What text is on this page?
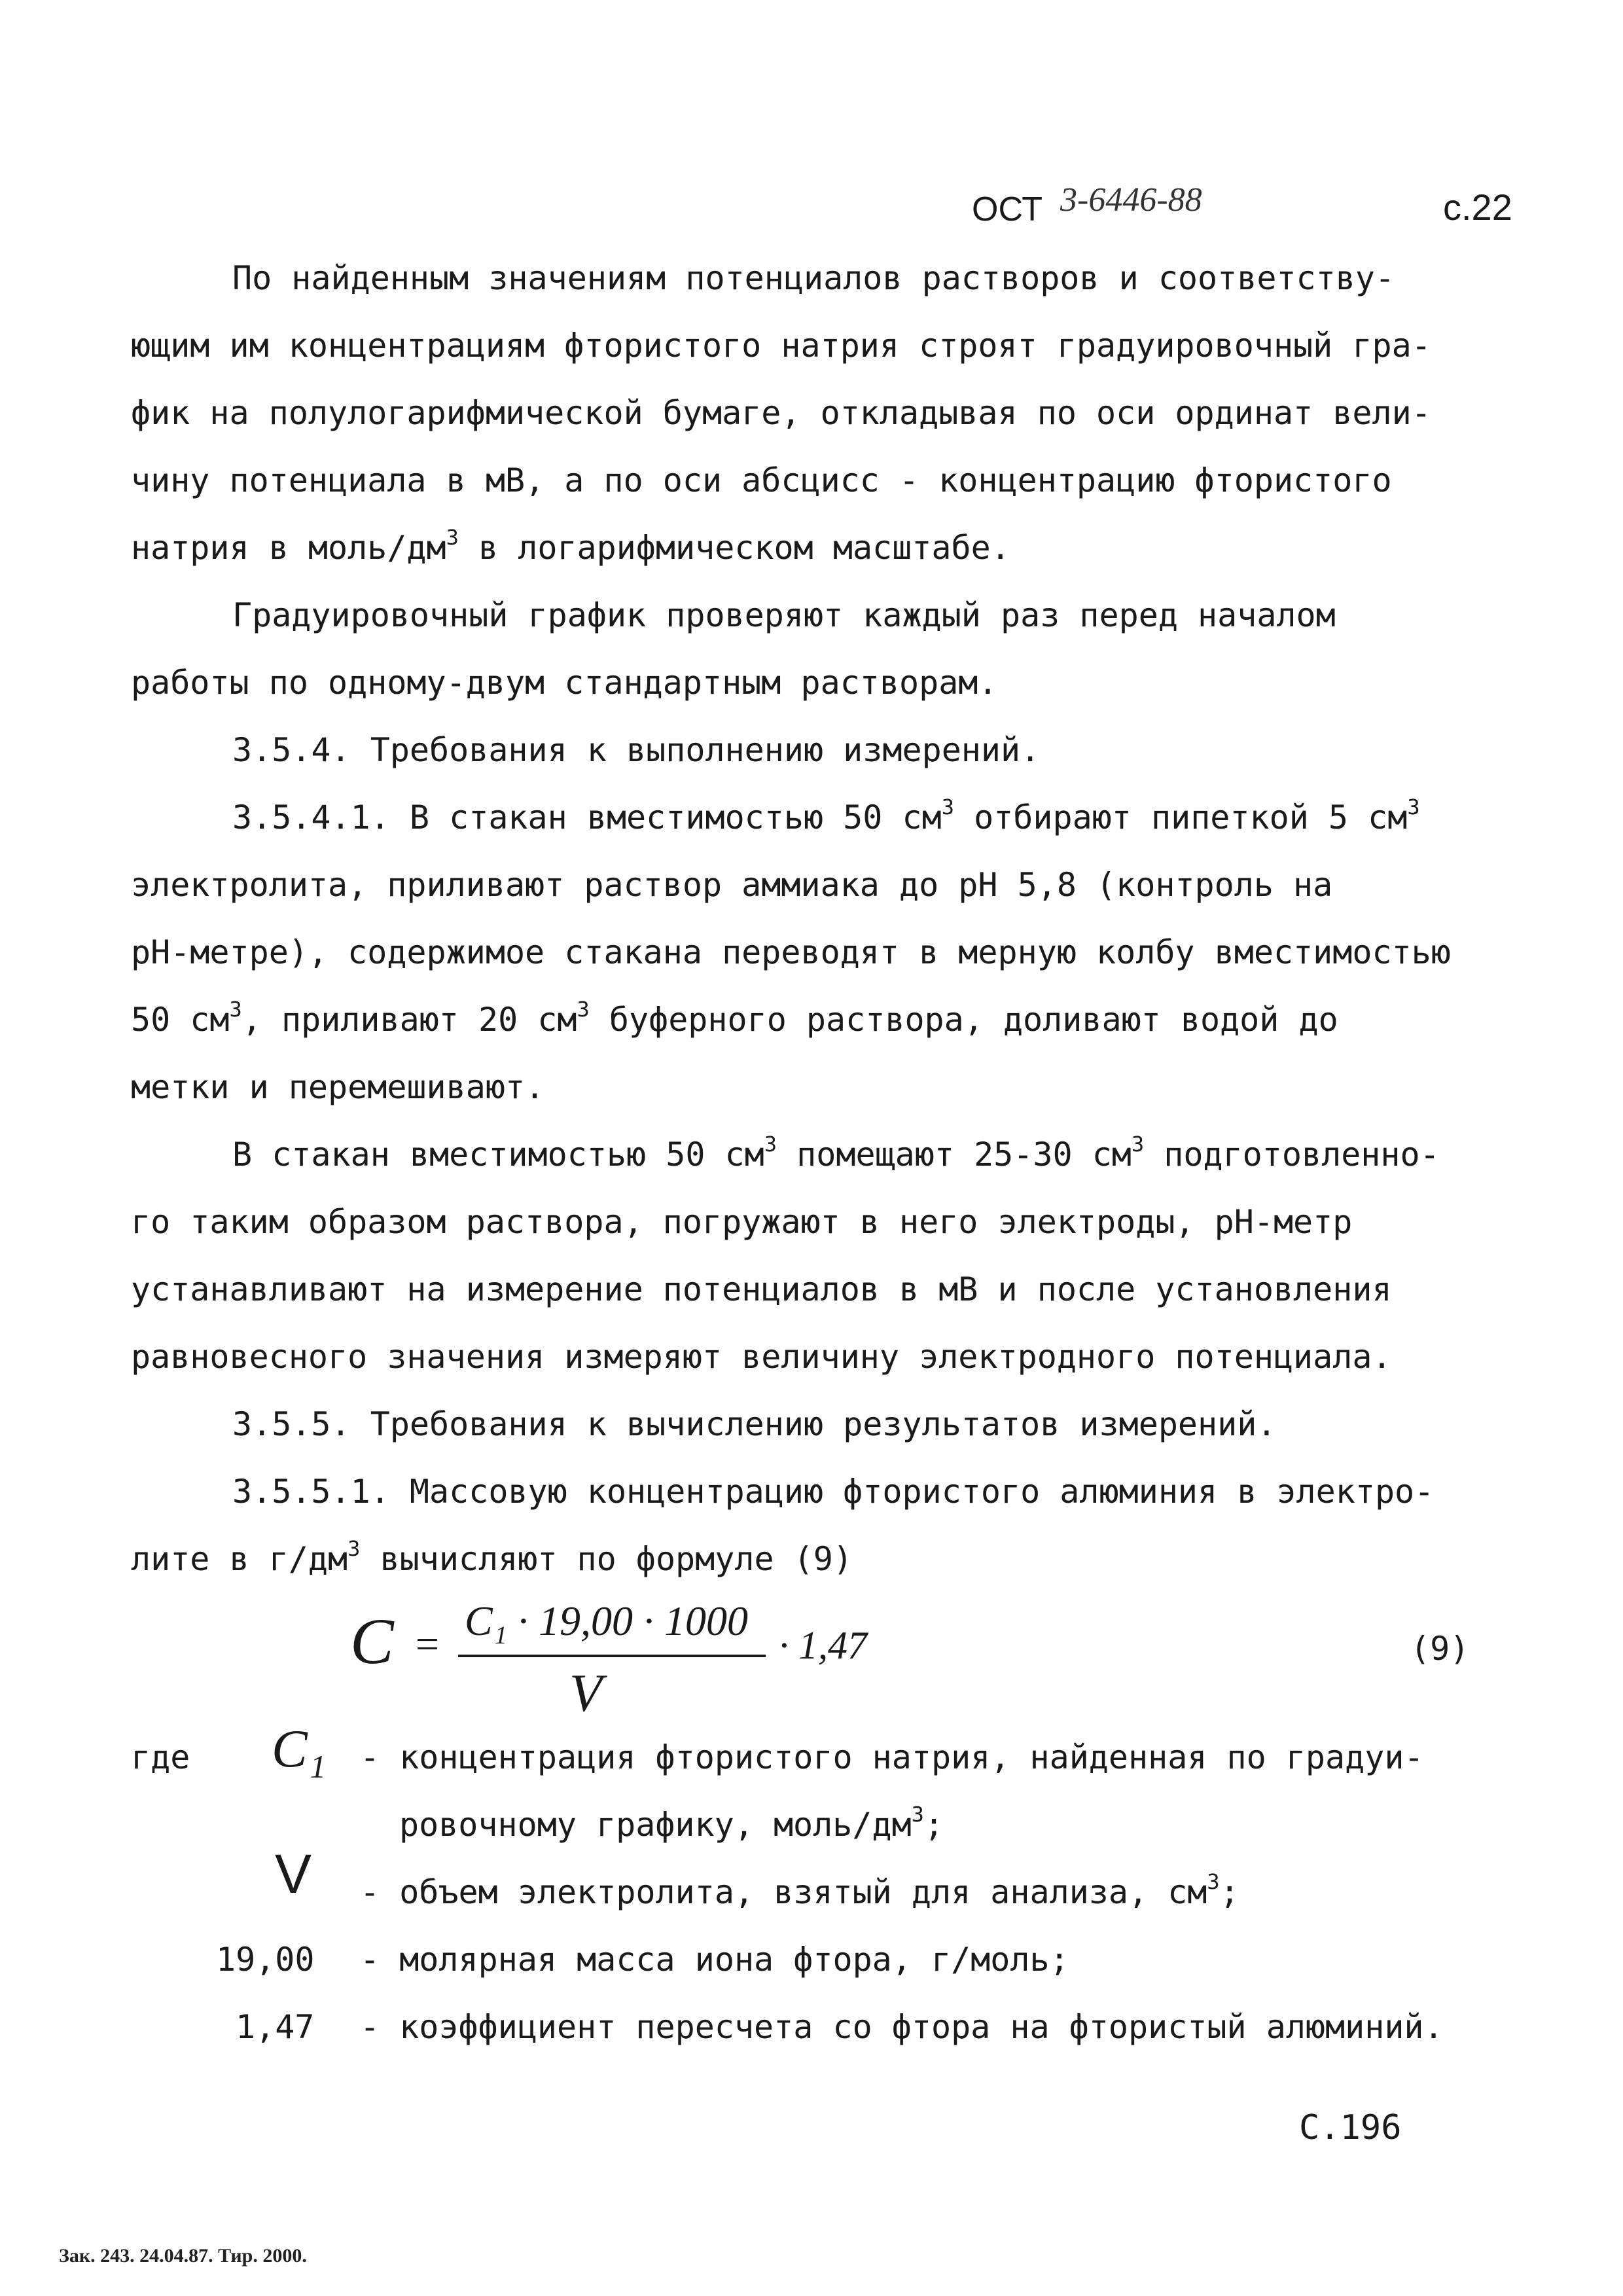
ОСТ 3-6446-88	с.22
По найденным значениям потенциалов растворов и соответству-
ющим им концентрациям фтористого натрия строят градуировочный гра-
фик на полулогарифмической бумаге, откладывая по оси ординат вели-
чину потенциала в мВ, а по оси абсцисс - концентрацию фтористого
натрия в моль/$дм^3$ в логарифмическом масштабе.
Градуировочный график проверяют каждый раз перед началом
работы по одному-двум стандартным растворам.
3.5.4. Требования к выполнению измерений.
3.5.4.1. В стакан вместимостью 50 $см^3$ отбирают пипеткой 5 $см^3$
электролита, приливают раствор аммиака до рН 5,8 (контроль на
рН-метре), содержимое стакана переводят в мерную колбу вместимостью
50 $см^3$, приливают 20 $см^3$ буферного раствора, доливают водой до
метки и перемешивают.
В стакан вместимостью 50 $см^3$ помещают 25-30 $см^3$ подготовленно-
го таким образом раствора, погружают в него электроды, рН-метр
устанавливают на измерение потенциалов в мВ и после установления
равновесного значения измеряют величину электродного потенциала.
3.5.5. Требования к вычислению результатов измерений.
3.5.5.1. Массовую концентрацию фтористого алюминия в электро-
лите в $г/дм^3$ вычисляют по формуле (9)
C = C₁ · 19,00 · 1000
V
· 1,47	(9)
где C₁ - концентрация фтористого натрия, найденная по градуи-
ровочному графику, моль/$дм^3$;
V - объем электролита, взятый для анализа, $см^3$;
19,00 - молярная масса иона фтора, г/моль;
1,47 - коэффициент пересчета со фтора на фтористый алюминий.
С.196
Зак. 243. 24.04.87. Тир. 2000.
